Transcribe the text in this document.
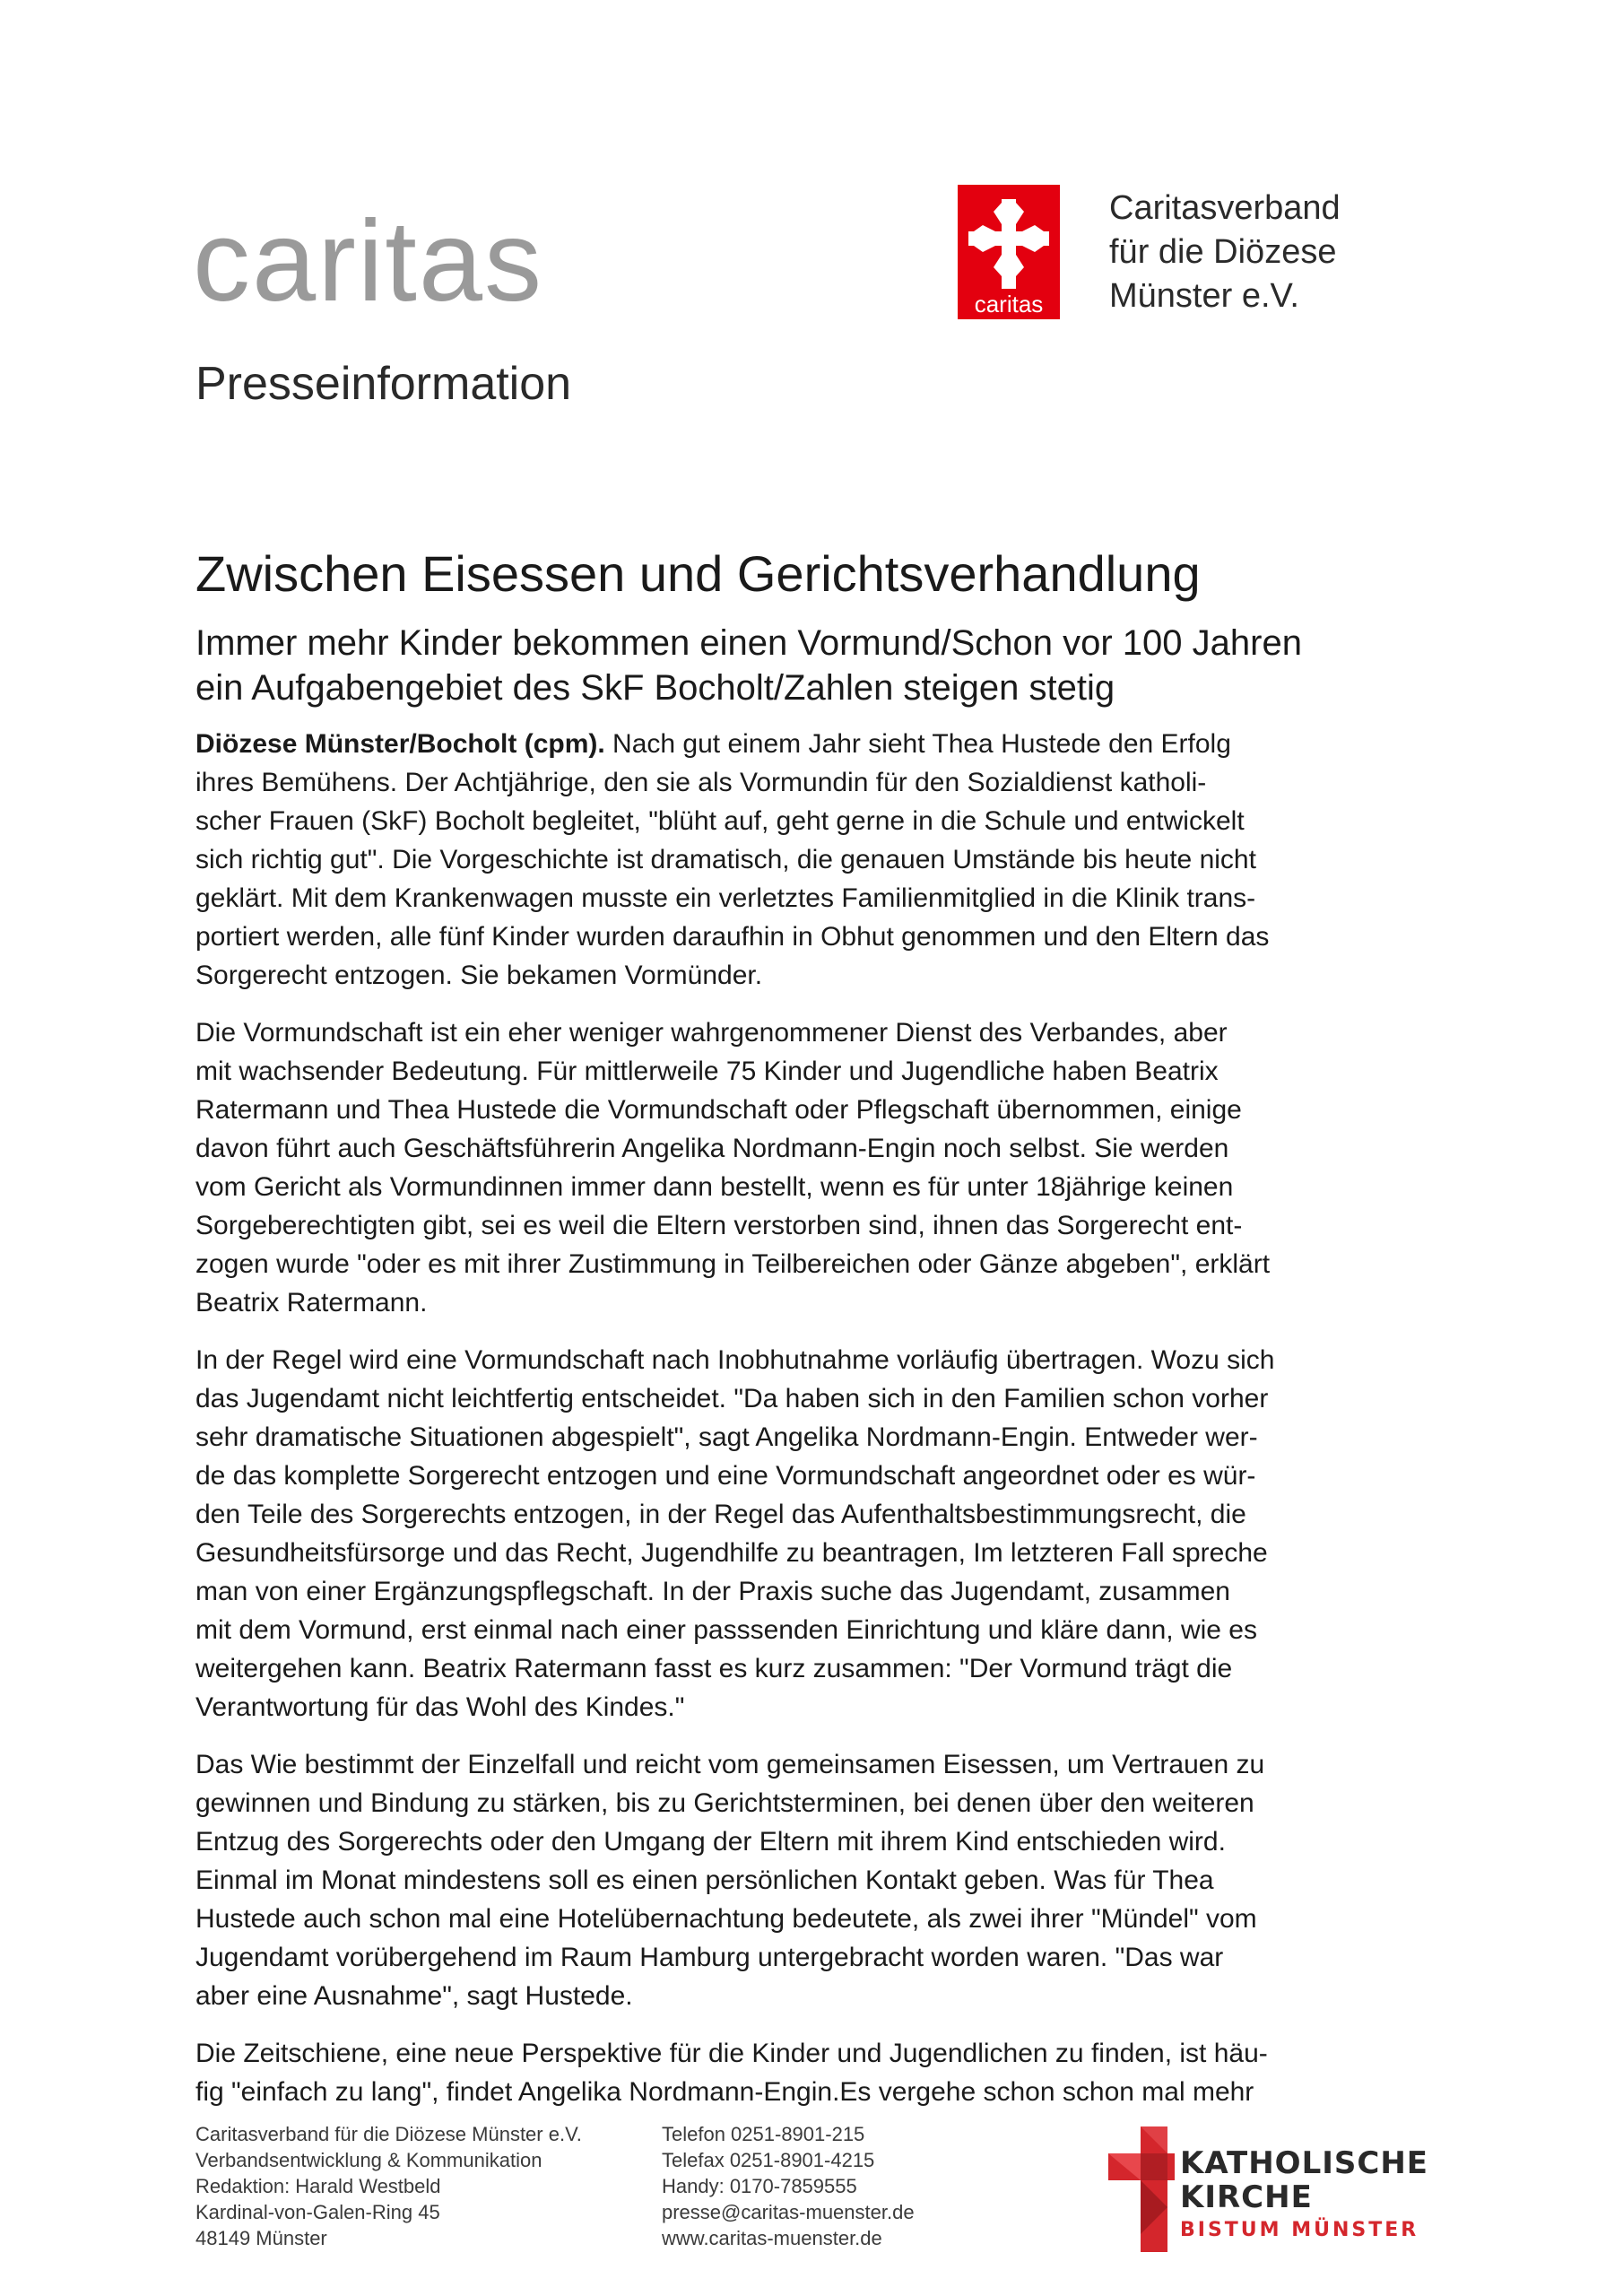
caritas
Presseinformation
caritas
Caritasverband
für die Diözese
Münster e.V.
Zwischen Eisessen und Gerichtsverhandlung
Immer mehr Kinder bekommen einen Vormund/Schon vor 100 Jahren
ein Aufgabengebiet des SkF Bocholt/Zahlen steigen stetig

Diözese Münster/Bocholt (cpm). Nach gut einem Jahr sieht Thea Hustede den Erfolg
ihres Bemühens. Der Achtjährige, den sie als Vormundin für den Sozialdienst katholi-
scher Frauen (SkF) Bocholt begleitet, "blüht auf, geht gerne in die Schule und entwickelt
sich richtig gut". Die Vorgeschichte ist dramatisch, die genauen Umstände bis heute nicht
geklärt. Mit dem Krankenwagen musste ein verletztes Familienmitglied in die Klinik trans-
portiert werden, alle fünf Kinder wurden daraufhin in Obhut genommen und den Eltern das
Sorgerecht entzogen. Sie bekamen Vormünder.

Die Vormundschaft ist ein eher weniger wahrgenommener Dienst des Verbandes, aber
mit wachsender Bedeutung. Für mittlerweile 75 Kinder und Jugendliche haben Beatrix
Ratermann und Thea Hustede die Vormundschaft oder Pflegschaft übernommen, einige
davon führt auch Geschäftsführerin Angelika Nordmann-Engin noch selbst. Sie werden
vom Gericht als Vormundinnen immer dann bestellt, wenn es für unter 18jährige keinen
Sorgeberechtigten gibt, sei es weil die Eltern verstorben sind, ihnen das Sorgerecht ent-
zogen wurde "oder es mit ihrer Zustimmung in Teilbereichen oder Gänze abgeben", erklärt
Beatrix Ratermann.

In der Regel wird eine Vormundschaft nach Inobhutnahme vorläufig übertragen. Wozu sich
das Jugendamt nicht leichtfertig entscheidet. "Da haben sich in den Familien schon vorher
sehr dramatische Situationen abgespielt", sagt Angelika Nordmann-Engin. Entweder wer-
de das komplette Sorgerecht entzogen und eine Vormundschaft angeordnet oder es wür-
den Teile des Sorgerechts entzogen, in der Regel das Aufenthaltsbestimmungsrecht, die
Gesundheitsfürsorge und das Recht, Jugendhilfe zu beantragen, Im letzteren Fall spreche
man von einer Ergänzungspflegschaft. In der Praxis suche das Jugendamt, zusammen
mit dem Vormund, erst einmal nach einer passsenden Einrichtung und kläre dann, wie es
weitergehen kann. Beatrix Ratermann fasst es kurz zusammen: "Der Vormund trägt die
Verantwortung für das Wohl des Kindes."

Das Wie bestimmt der Einzelfall und reicht vom gemeinsamen Eisessen, um Vertrauen zu
gewinnen und Bindung zu stärken, bis zu Gerichtsterminen, bei denen über den weiteren
Entzug des Sorgerechts oder den Umgang der Eltern mit ihrem Kind entschieden wird.
Einmal im Monat mindestens soll es einen persönlichen Kontakt geben. Was für Thea
Hustede auch schon mal eine Hotelübernachtung bedeutete, als zwei ihrer "Mündel" vom
Jugendamt vorübergehend im Raum Hamburg untergebracht worden waren. "Das war
aber eine Ausnahme", sagt Hustede.

Die Zeitschiene, eine neue Perspektive für die Kinder und Jugendlichen zu finden, ist häu-
fig "einfach zu lang", findet Angelika Nordmann-Engin.Es vergehe schon schon mal mehr

Caritasverband für die Diözese Münster e.V.
Verbandsentwicklung & Kommunikation
Redaktion: Harald Westbeld
Kardinal-von-Galen-Ring 45
48149 Münster
Telefon 0251-8901-215
Telefax 0251-8901-4215
Handy: 0170-7859555
presse@caritas-muenster.de
www.caritas-muenster.de
KATHOLISCHE
KIRCHE
BISTUM MÜNSTER
